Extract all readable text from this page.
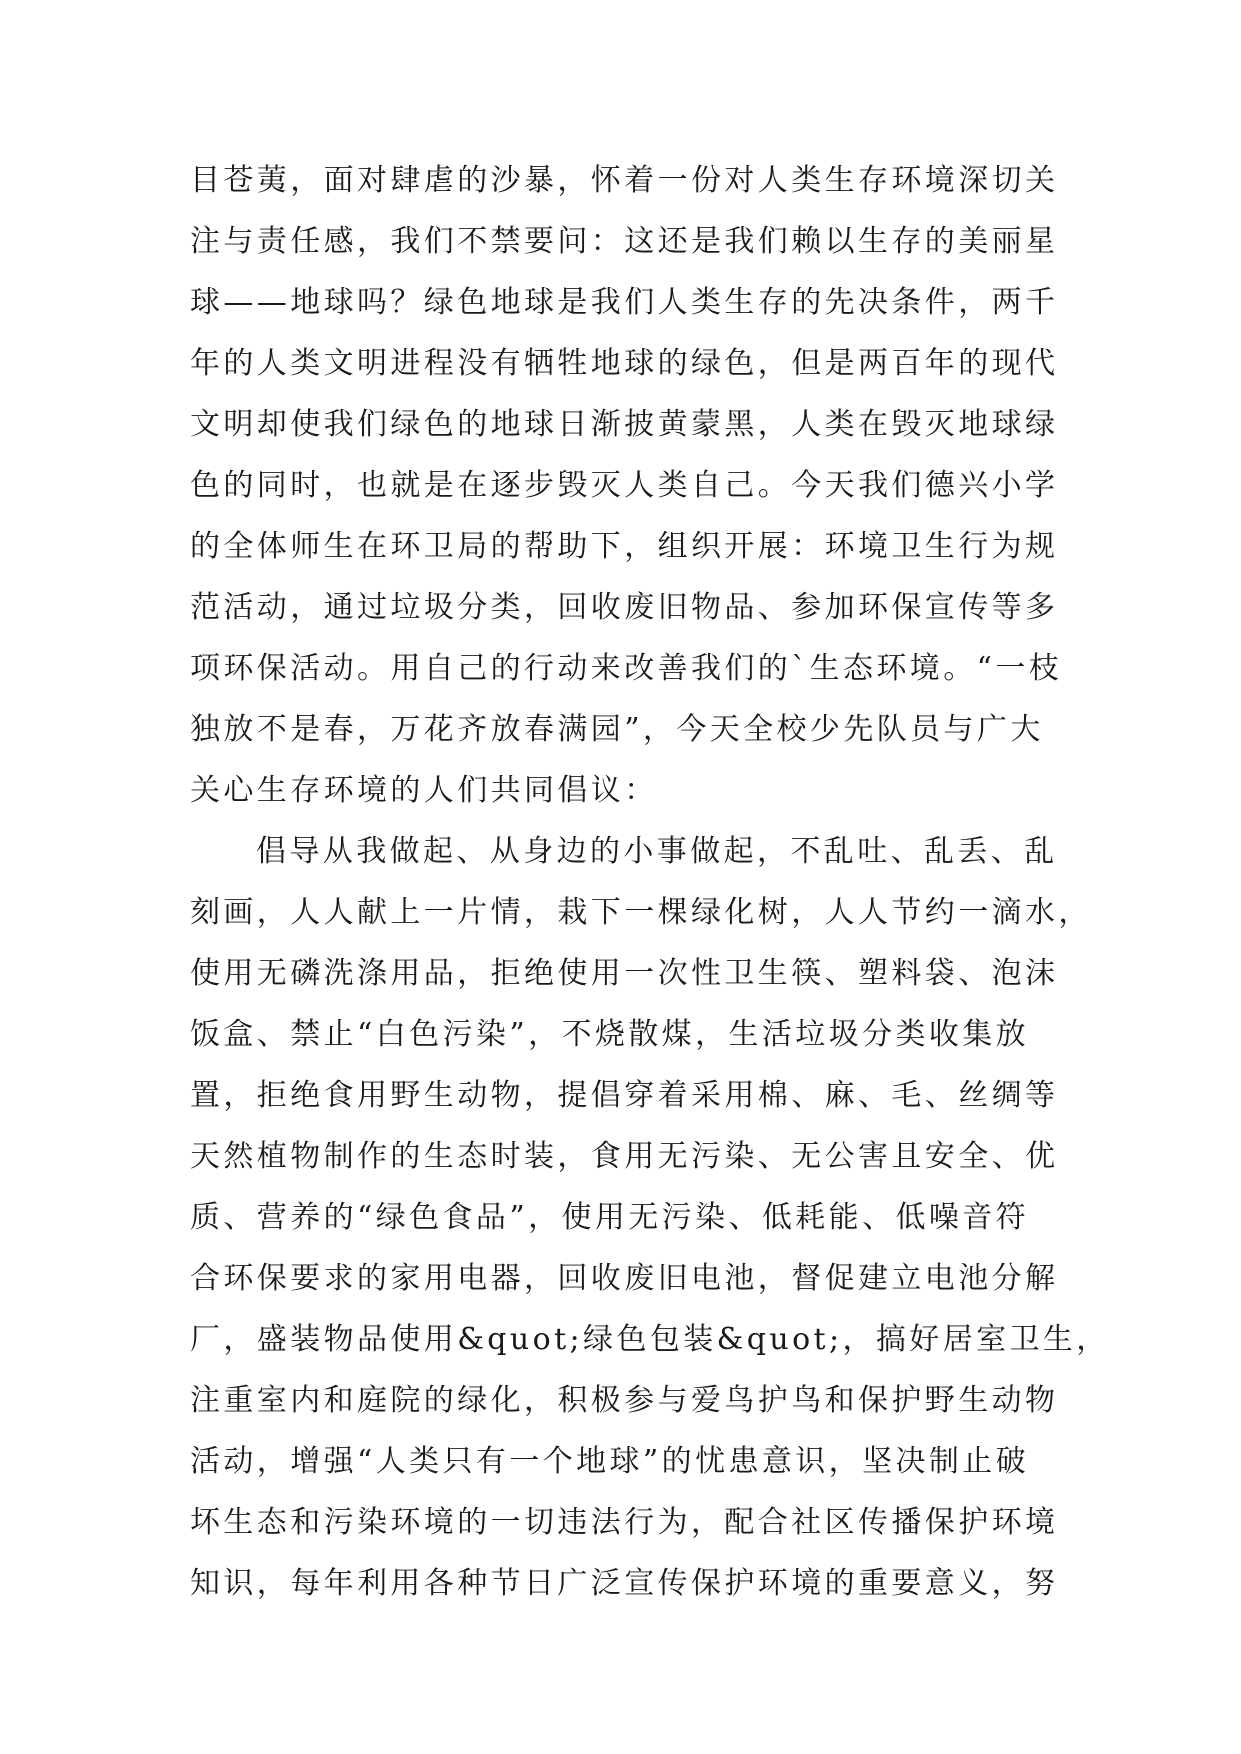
目苍荑，面对肆虐的沙暴，怀着一份对人类生存环境深切关
注与责任感，我们不禁要问：这还是我们赖以生存的美丽星
球——地球吗？绿色地球是我们人类生存的先决条件，两千
年的人类文明进程没有牺牲地球的绿色，但是两百年的现代
文明却使我们绿色的地球日渐披黄蒙黑，人类在毁灭地球绿
色的同时，也就是在逐步毁灭人类自己。今天我们德兴小学
的全体师生在环卫局的帮助下，组织开展：环境卫生行为规
范活动，通过垃圾分类，回收废旧物品、参加环保宣传等多
项环保活动。用自己的行动来改善我们的`生态环境。“一枝
独放不是春，万花齐放春满园”，今天全校少先队员与广大
关心生存环境的人们共同倡议：
倡导从我做起、从身边的小事做起，不乱吐、乱丢、乱
刻画，人人献上一片情，栽下一棵绿化树，人人节约一滴水，
使用无磷洗涤用品，拒绝使用一次性卫生筷、塑料袋、泡沫
饭盒、禁止“白色污染”，不烧散煤，生活垃圾分类收集放
置，拒绝食用野生动物，提倡穿着采用棉、麻、毛、丝绸等
天然植物制作的生态时装，食用无污染、无公害且安全、优
质、营养的“绿色食品”，使用无污染、低耗能、低噪音符
合环保要求的家用电器，回收废旧电池，督促建立电池分解
厂，盛装物品使用&quot;绿色包装&quot;，搞好居室卫生，
注重室内和庭院的绿化，积极参与爱鸟护鸟和保护野生动物
活动，增强“人类只有一个地球”的忧患意识，坚决制止破
坏生态和污染环境的一切违法行为，配合社区传播保护环境
知识，每年利用各种节日广泛宣传保护环境的重要意义，努
